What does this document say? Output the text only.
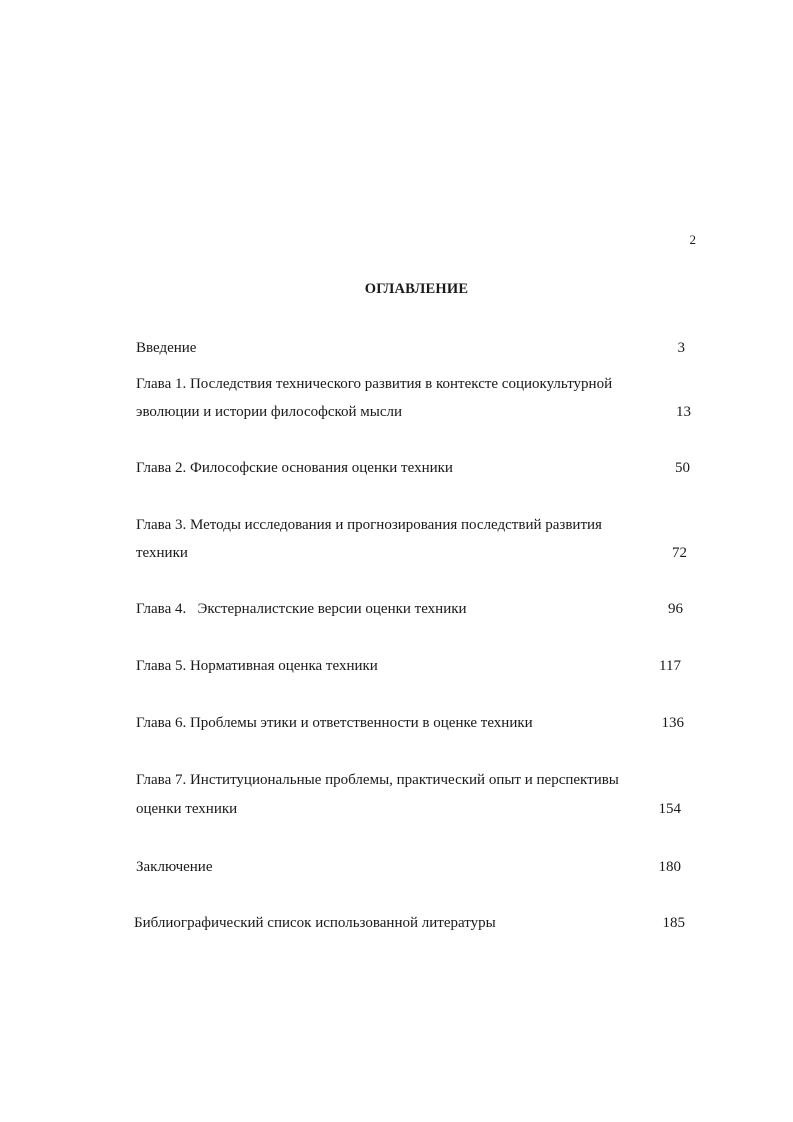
2
ОГЛАВЛЕНИЕ
Введение	3
Глава 1. Последствия технического развития в контексте социокультурной
эволюции и истории философской мысли	13
Глава 2. Философские основания оценки техники	50
Глава 3. Методы исследования и прогнозирования последствий развития
техники	72
Глава 4.   Экстерналистские версии оценки техники	96
Глава 5. Нормативная оценка техники	117
Глава 6. Проблемы этики и ответственности в оценке техники	136
Глава 7. Институциональные проблемы, практический опыт и перспективы
оценки техники	154
Заключение	180
Библиографический список использованной литературы	185
